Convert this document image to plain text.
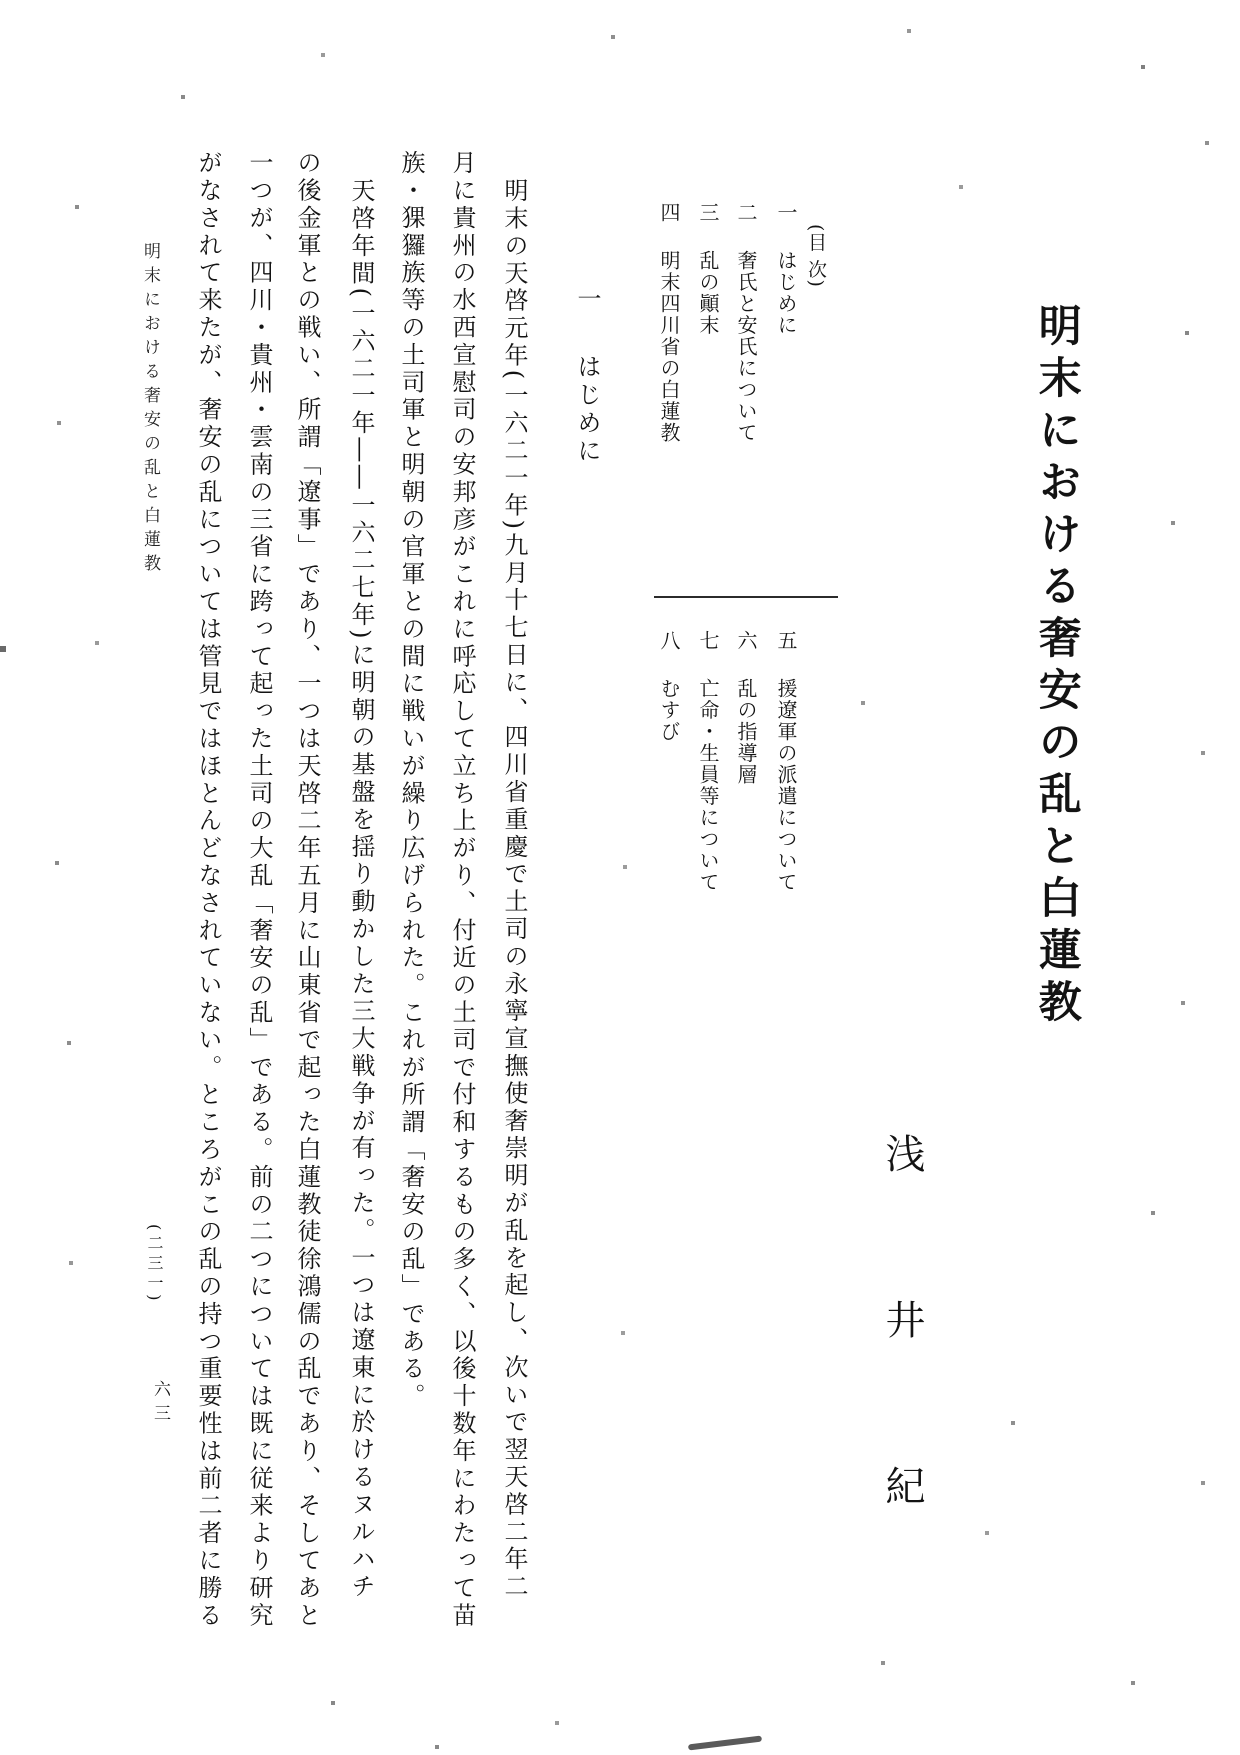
明末における奢安の乱と白蓮教
浅井紀
(目 次)
一はじめに
二奢氏と安氏について
三乱の顚末
四明末四川省の白蓮教
五援遼軍の派遣について
六乱の指導層
七亡命・生員等について
八むすび
一はじめに
明末の天啓元年(一六二一年)九月十七日に、四川省重慶で土司の永寧宣撫使奢崇明が乱を起し、次いで翌天啓二年二
月に貴州の水西宣慰司の安邦彦がこれに呼応して立ち上がり、付近の土司で付和するもの多く、以後十数年にわたって苗
族・猓玀族等の土司軍と明朝の官軍との間に戦いが繰り広げられた。これが所謂「奢安の乱」である。
天啓年間(一六二一年――一六二七年)に明朝の基盤を揺り動かした三大戦争が有った。一つは遼東に於けるヌルハチ
の後金軍との戦い、所謂「遼事」であり、一つは天啓二年五月に山東省で起った白蓮教徒徐鴻儒の乱であり、そしてあと
一つが、四川・貴州・雲南の三省に跨って起った土司の大乱「奢安の乱」である。前の二つについては既に従来より研究
がなされて来たが、奢安の乱については管見ではほとんどなされていない。ところがこの乱の持つ重要性は前二者に勝る
明末における奢安の乱と白蓮教
(二三一)
六三
